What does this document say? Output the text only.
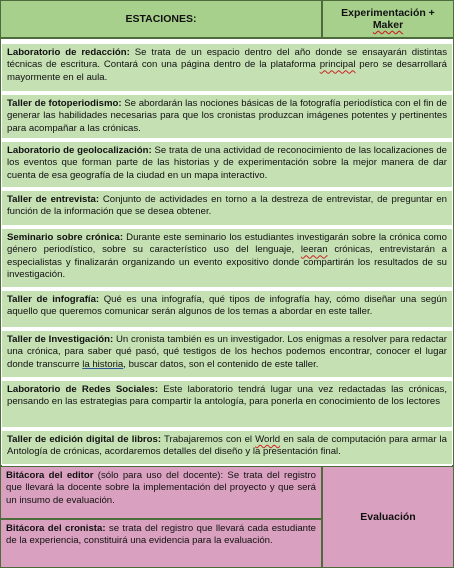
ESTACIONES:	Experimentación +
Maker
Laboratorio de redacción: Se trata de un espacio dentro del año donde se ensayarán distintas técnicas de escritura. Contará con una página dentro de la plataforma principal pero se desarrollará mayormente en el aula.
Taller de fotoperiodismo: Se abordarán las nociones básicas de la fotografía periodística con el fin de generar las habilidades necesarias para que los cronistas produzcan imágenes potentes y pertinentes para acompañar a las crónicas.
Laboratorio de geolocalización: Se trata de una actividad de reconocimiento de las localizaciones de los eventos que forman parte de las historias y de experimentación sobre la mejor manera de dar cuenta de esa geografía de la ciudad en un mapa interactivo.
Taller de entrevista: Conjunto de actividades en torno a la destreza de entrevistar, de preguntar en función de la información que se desea obtener.
Seminario sobre crónica: Durante este seminario los estudiantes investigarán sobre la crónica como género periodístico, sobre su característico uso del lenguaje, leeran crónicas, entrevistarán a especialistas y finalizarán organizando un evento expositivo donde compartirán los resultados de su investigación.
Taller de infografía: Qué es una infografía, qué tipos de infografía hay, cómo diseñar una según aquello que queremos comunicar serán algunos de los temas a abordar en este taller.
Taller de Investigación: Un cronista también es un investigador. Los enigmas a resolver para redactar una crónica, para saber qué pasó, qué testigos de los hechos podemos encontrar, conocer el lugar donde transcurre la historia, buscar datos, son el contenido de este taller.
Laboratorio de Redes Sociales: Este laboratorio tendrá lugar una vez redactadas las crónicas, pensando en las estrategias para compartir la antología, para ponerla en conocimiento de los lectores
Taller de edición digital de libros: Trabajaremos con el World en sala de computación para armar la Antología de crónicas, acordaremos detalles del diseño y la presentación final.
Bitácora del editor (sólo para uso del docente): Se trata del registro que llevará la docente sobre la implementación del proyecto y que será un insumo de evaluación.
Bitácora del cronista: se trata del registro que llevará cada estudiante de la experiencia, constituirá una evidencia para la evaluación.
Evaluación
